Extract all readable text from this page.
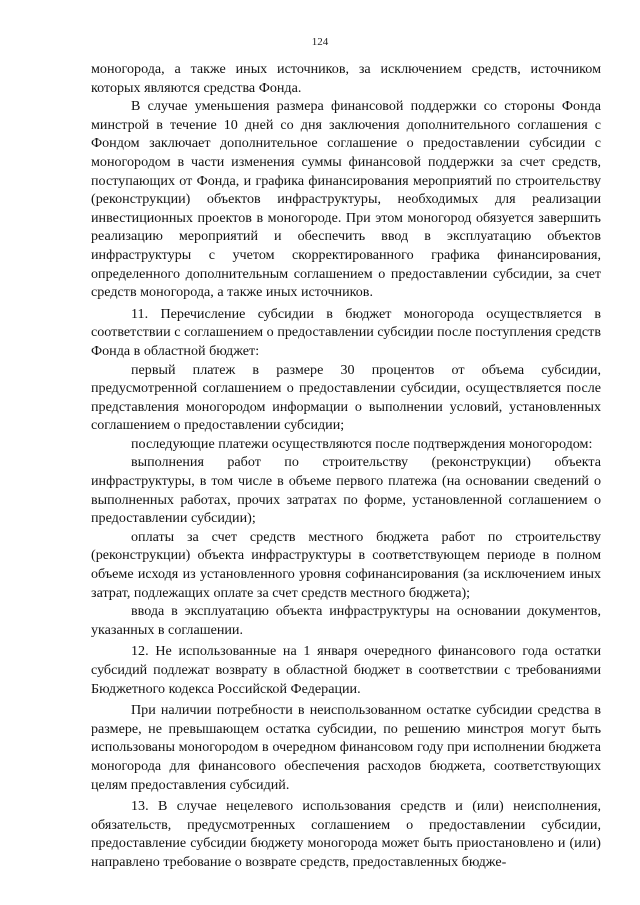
124

моногорода, а также иных источников, за исключением средств, источником которых являются средства Фонда.

В случае уменьшения размера финансовой поддержки со стороны Фонда минстрой в течение 10 дней со дня заключения дополнительного соглашения с Фондом заключает дополнительное соглашение о предоставлении субсидии с моногородом в части изменения суммы финансовой поддержки за счет средств, поступающих от Фонда, и графика финансирования мероприятий по строительству (реконструкции) объектов инфраструктуры, необходимых для реализации инвестиционных проектов в моногороде. При этом моногород обязуется завершить реализацию мероприятий и обеспечить ввод в эксплуатацию объектов инфраструктуры с учетом скорректированного графика финансирования, определенного дополнительным соглашением о предоставлении субсидии, за счет средств моногорода, а также иных источников.

11. Перечисление субсидии в бюджет моногорода осуществляется в соответствии с соглашением о предоставлении субсидии после поступления средств Фонда в областной бюджет:

первый платеж в размере 30 процентов от объема субсидии, предусмотренной соглашением о предоставлении субсидии, осуществляется после представления моногородом информации о выполнении условий, установленных соглашением о предоставлении субсидии;

последующие платежи осуществляются после подтверждения моногородом:

выполнения работ по строительству (реконструкции) объекта инфраструктуры, в том числе в объеме первого платежа (на основании сведений о выполненных работах, прочих затратах по форме, установленной соглашением о предоставлении субсидии);

оплаты за счет средств местного бюджета работ по строительству (реконструкции) объекта инфраструктуры в соответствующем периоде в полном объеме исходя из установленного уровня софинансирования (за исключением иных затрат, подлежащих оплате за счет средств местного бюджета);

ввода в эксплуатацию объекта инфраструктуры на основании документов, указанных в соглашении.

12. Не использованные на 1 января очередного финансового года остатки субсидий подлежат возврату в областной бюджет в соответствии с требованиями Бюджетного кодекса Российской Федерации.

При наличии потребности в неиспользованном остатке субсидии средства в размере, не превышающем остатка субсидии, по решению минстроя могут быть использованы моногородом в очередном финансовом году при исполнении бюджета моногорода для финансового обеспечения расходов бюджета, соответствующих целям предоставления субсидий.

13. В случае нецелевого использования средств и (или) неисполнения, обязательств, предусмотренных соглашением о предоставлении субсидии, предоставление субсидии бюджету моногорода может быть приостановлено и (или) направлено требование о возврате средств, предоставленных бюдже-
